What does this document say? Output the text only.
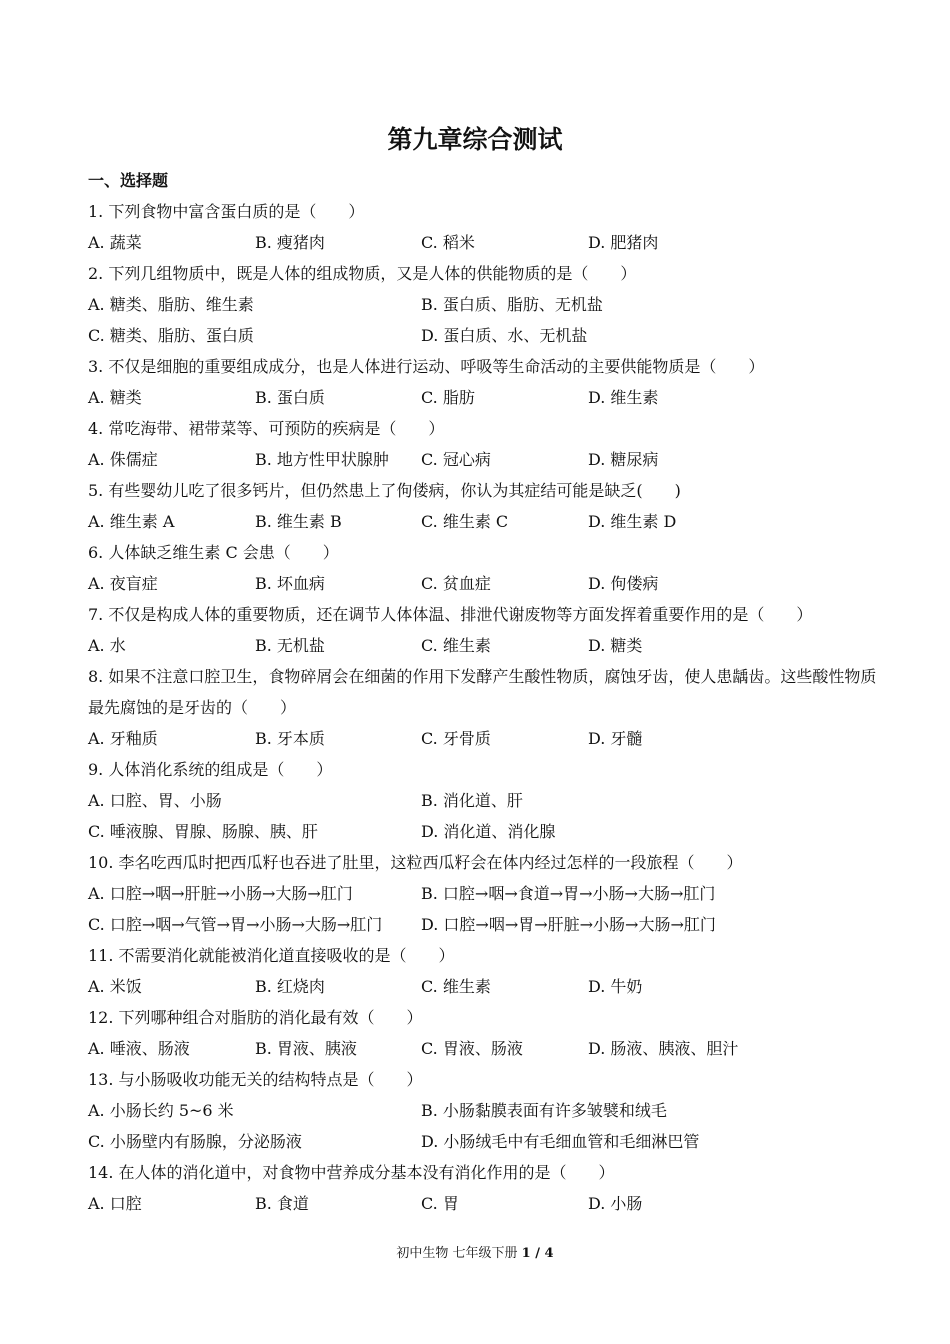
第九章综合测试
一、选择题
1. 下列食物中富含蛋白质的是（　　）
A. 蔬菜	B. 瘦猪肉	C. 稻米	D. 肥猪肉
2. 下列几组物质中，既是人体的组成物质，又是人体的供能物质的是（　　）
A. 糖类、脂肪、维生素	B. 蛋白质、脂肪、无机盐
C. 糖类、脂肪、蛋白质	D. 蛋白质、水、无机盐
3. 不仅是细胞的重要组成成分，也是人体进行运动、呼吸等生命活动的主要供能物质是（　　）
A. 糖类	B. 蛋白质	C. 脂肪	D. 维生素
4. 常吃海带、裙带菜等、可预防的疾病是（　　）
A. 侏儒症	B. 地方性甲状腺肿 C. 冠心病	D. 糖尿病
5. 有些婴幼儿吃了很多钙片，但仍然患上了佝偻病，你认为其症结可能是缺乏(　　)
A. 维生素 A	B. 维生素 B	C. 维生素 C	D. 维生素 D
6. 人体缺乏维生素 C 会患（　　）
A. 夜盲症	B. 坏血病	C. 贫血症	D. 佝偻病
7. 不仅是构成人体的重要物质，还在调节人体体温、排泄代谢废物等方面发挥着重要作用的是（　　）
A. 水	B. 无机盐	C. 维生素	D. 糖类
8. 如果不注意口腔卫生，食物碎屑会在细菌的作用下发酵产生酸性物质，腐蚀牙齿，使人患龋齿。这些酸性物质最先腐蚀的是牙齿的（　　）
A. 牙釉质	B. 牙本质	C. 牙骨质	D. 牙髓
9. 人体消化系统的组成是（　　）
A. 口腔、胃、小肠	B. 消化道、肝
C. 唾液腺、胃腺、肠腺、胰、肝	D. 消化道、消化腺
10. 李名吃西瓜时把西瓜籽也吞进了肚里，这粒西瓜籽会在体内经过怎样的一段旅程（　　）
A. 口腔→咽→肝脏→小肠→大肠→肛门	B. 口腔→咽→食道→胃→小肠→大肠→肛门
C. 口腔→咽→气管→胃→小肠→大肠→肛门 D. 口腔→咽→胃→肝脏→小肠→大肠→肛门
11. 不需要消化就能被消化道直接吸收的是（　　）
A. 米饭	B. 红烧肉	C. 维生素	D. 牛奶
12. 下列哪种组合对脂肪的消化最有效（　　）
A. 唾液、肠液	B. 胃液、胰液	C. 胃液、肠液	D. 肠液、胰液、胆汁
13. 与小肠吸收功能无关的结构特点是（　　）
A. 小肠长约 5~6 米	B. 小肠黏膜表面有许多皱襞和绒毛
C. 小肠壁内有肠腺，分泌肠液	D. 小肠绒毛中有毛细血管和毛细淋巴管
14. 在人体的消化道中，对食物中营养成分基本没有消化作用的是（　　）
A. 口腔	B. 食道	C. 胃	D. 小肠
初中生物 七年级下册 1 / 4
